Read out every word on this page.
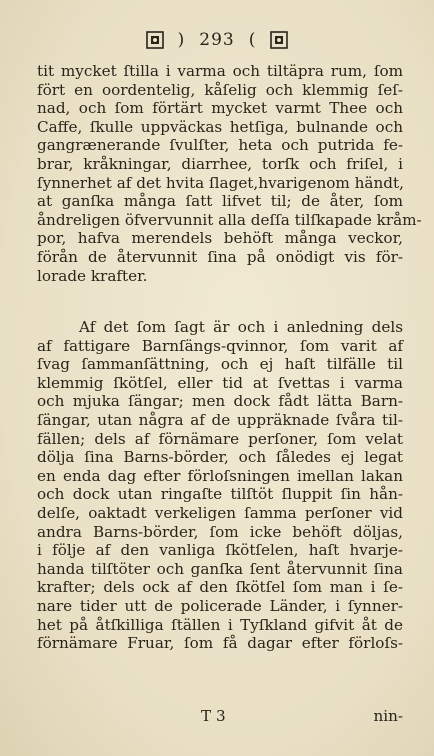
) 293 (
tit mycket ſtilla i varma och tiltäpra rum, ſom
fört en oordentelig, kåſelig och klemmig ſeſ-
nad, och ſom förtärt mycket varmt Thee och
Caffe, ſkulle uppväckas hetſiga, bulnande och
gangrænerande ſvulſter, heta och putrida fe-
brar, kråkningar, diarrhee, torſk och friſel, i
ſynnerhet af det hvita ſlaget,hvarigenom händt,
at ganſka många ſatt lifvet til; de åter, ſom
åndreligen öfvervunnit alla deſſa tilſkapade kråm-
por, hafva merendels behöft många veckor,
förån de återvunnit ſina på onödigt vis för-
lorade krafter.
Af det ſom ſagt är och i anledning dels
af fattigare Barnſängs-qvinnor, ſom varit af
ſvag ſammanſättning, och ej haſt tilfälle til
klemmig ſkötſel, eller tid at ſvettas i varma
och mjuka ſängar; men dock fådt lätta Barn-
ſängar, utan några af de uppräknade ſvåra til-
fällen; dels af förnämare perſoner, ſom velat
dölja ſina Barns-börder, och ſåledes ej legat
en enda dag efter förloſsningen imellan lakan
och dock utan ringaſte tilſtöt ſluppit ſin hån-
delſe, oaktadt verkeligen ſamma perſoner vid
andra Barns-börder, ſom icke behöft döljas,
i följe af den vanliga ſkötſelen, haſt hvarje-
handa tilſtöter och ganſka ſent återvunnit ſina
krafter; dels ock af den ſkötſel ſom man i ſe-
nare tider utt de policerade Länder, i ſynner-
het på åtſkilliga ſtällen i Tyſkland gifvit åt de
förnämare Fruar, ſom få dagar efter förloſs-
T 3	nin-
